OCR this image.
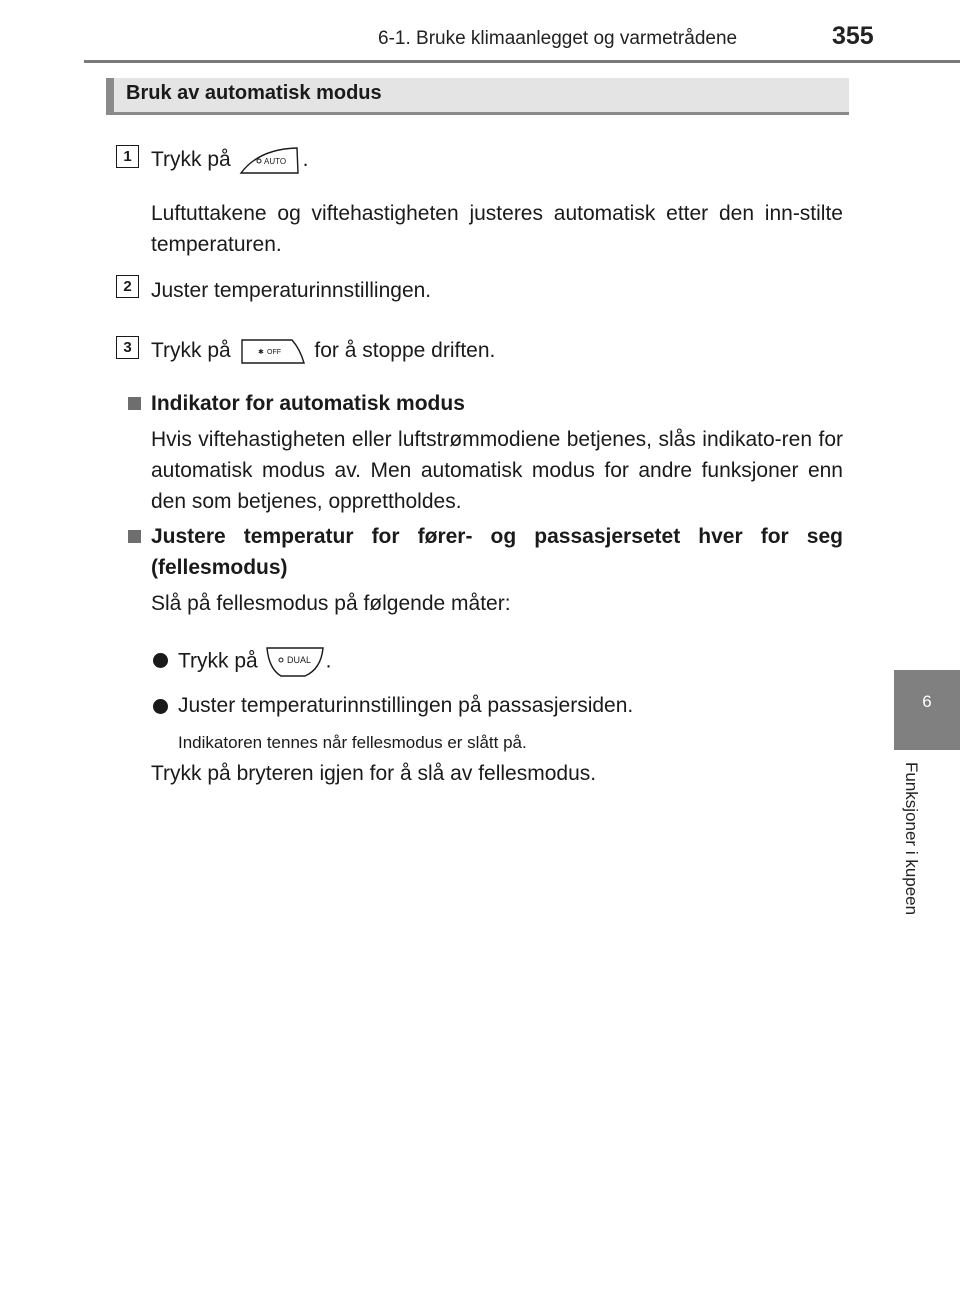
6-1. Bruke klimaanlegget og varmetrådene	355
6
Funksjoner i kupeen
Bruk av automatisk modus
1 Trykk på	AUTO .
Luftuttakene og viftehastigheten justeres automatisk etter den inn-stilte temperaturen.
2 Juster temperaturinnstillingen.
3 Trykk på	✱ OFF for å stoppe driften.
Indikator for automatisk modus
Hvis viftehastigheten eller luftstrømmodiene betjenes, slås indikato-ren for automatisk modus av. Men automatisk modus for andre funksjoner enn den som betjenes, opprettholdes.
Justere temperatur for fører- og passasjersetet hver for seg (fellesmodus)
Slå på fellesmodus på følgende måter:
Trykk på	DUAL .
Juster temperaturinnstillingen på passasjersiden.
Indikatoren tennes når fellesmodus er slått på.
Trykk på bryteren igjen for å slå av fellesmodus.
